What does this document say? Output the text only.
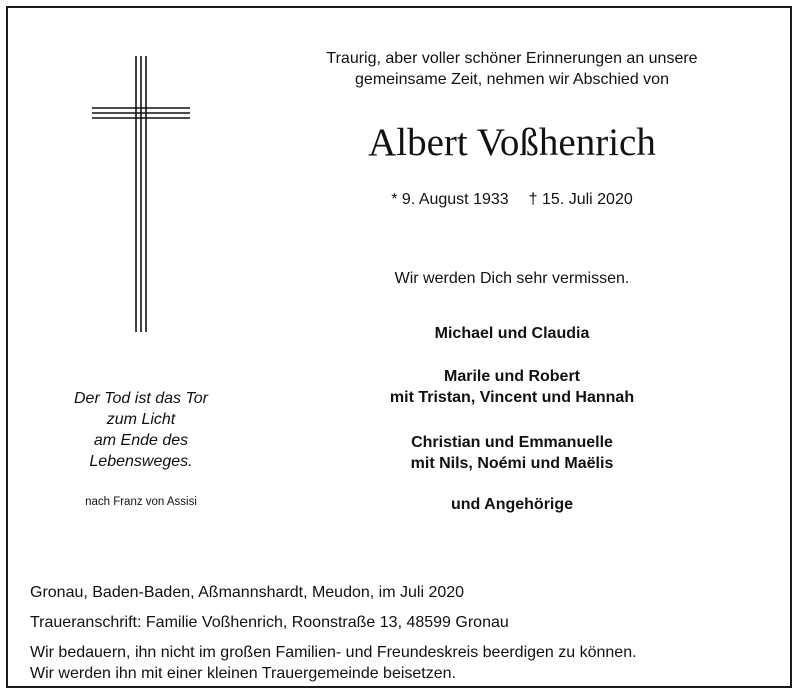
Der Tod ist das Tor
zum Licht
am Ende des
Lebensweges.
nach Franz von Assisi
Traurig, aber voller schöner Erinnerungen an unsere
gemeinsame Zeit, nehmen wir Abschied von
Albert Voßhenrich
* 9. August 1933 † 15. Juli 2020
Wir werden Dich sehr vermissen.
Michael und Claudia
Marile und Robert
mit Tristan, Vincent und Hannah
Christian und Emmanuelle
mit Nils, Noémi und Maëlis
und Angehörige
Gronau, Baden-Baden, Aßmannshardt, Meudon, im Juli 2020
Traueranschrift: Familie Voßhenrich, Roonstraße 13, 48599 Gronau
Wir bedauern, ihn nicht im großen Familien- und Freundeskreis beerdigen zu können.
Wir werden ihn mit einer kleinen Trauergemeinde beisetzen.
